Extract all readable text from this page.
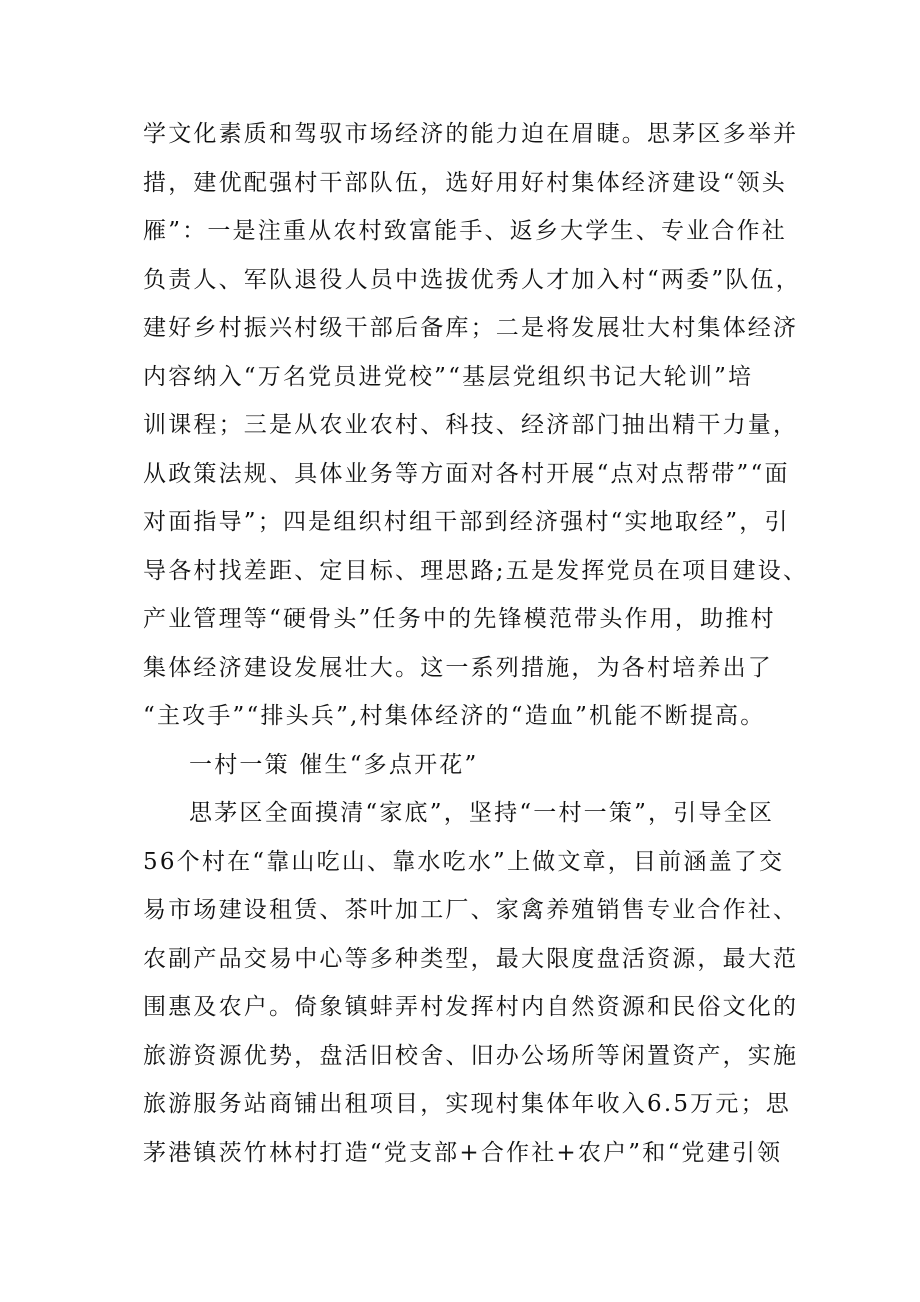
学文化素质和驾驭市场经济的能力迫在眉睫。思茅区多举并
措，建优配强村干部队伍，选好用好村集体经济建设“领头
雁”：一是注重从农村致富能手、返乡大学生、专业合作社
负责人、军队退役人员中选拔优秀人才加入村“两委”队伍，
建好乡村振兴村级干部后备库；二是将发展壮大村集体经济
内容纳入“万名党员进党校”“基层党组织书记大轮训”培
训课程；三是从农业农村、科技、经济部门抽出精干力量，
从政策法规、具体业务等方面对各村开展“点对点帮带”“面
对面指导”；四是组织村组干部到经济强村“实地取经”，引
导各村找差距、定目标、理思路;五是发挥党员在项目建设、
产业管理等“硬骨头”任务中的先锋模范带头作用，助推村
集体经济建设发展壮大。这一系列措施，为各村培养出了
“主攻手”“排头兵”,村集体经济的“造血”机能不断提高。
一村一策 催生“多点开花”
思茅区全面摸清“家底”，坚持“一村一策”，引导全区
56个村在“靠山吃山、靠水吃水”上做文章，目前涵盖了交
易市场建设租赁、茶叶加工厂、家禽养殖销售专业合作社、
农副产品交易中心等多种类型，最大限度盘活资源，最大范
围惠及农户。倚象镇蚌弄村发挥村内自然资源和民俗文化的
旅游资源优势，盘活旧校舍、旧办公场所等闲置资产，实施
旅游服务站商铺出租项目，实现村集体年收入6.5万元；思
茅港镇茨竹林村打造“党支部+合作社+农户”和“党建引领
